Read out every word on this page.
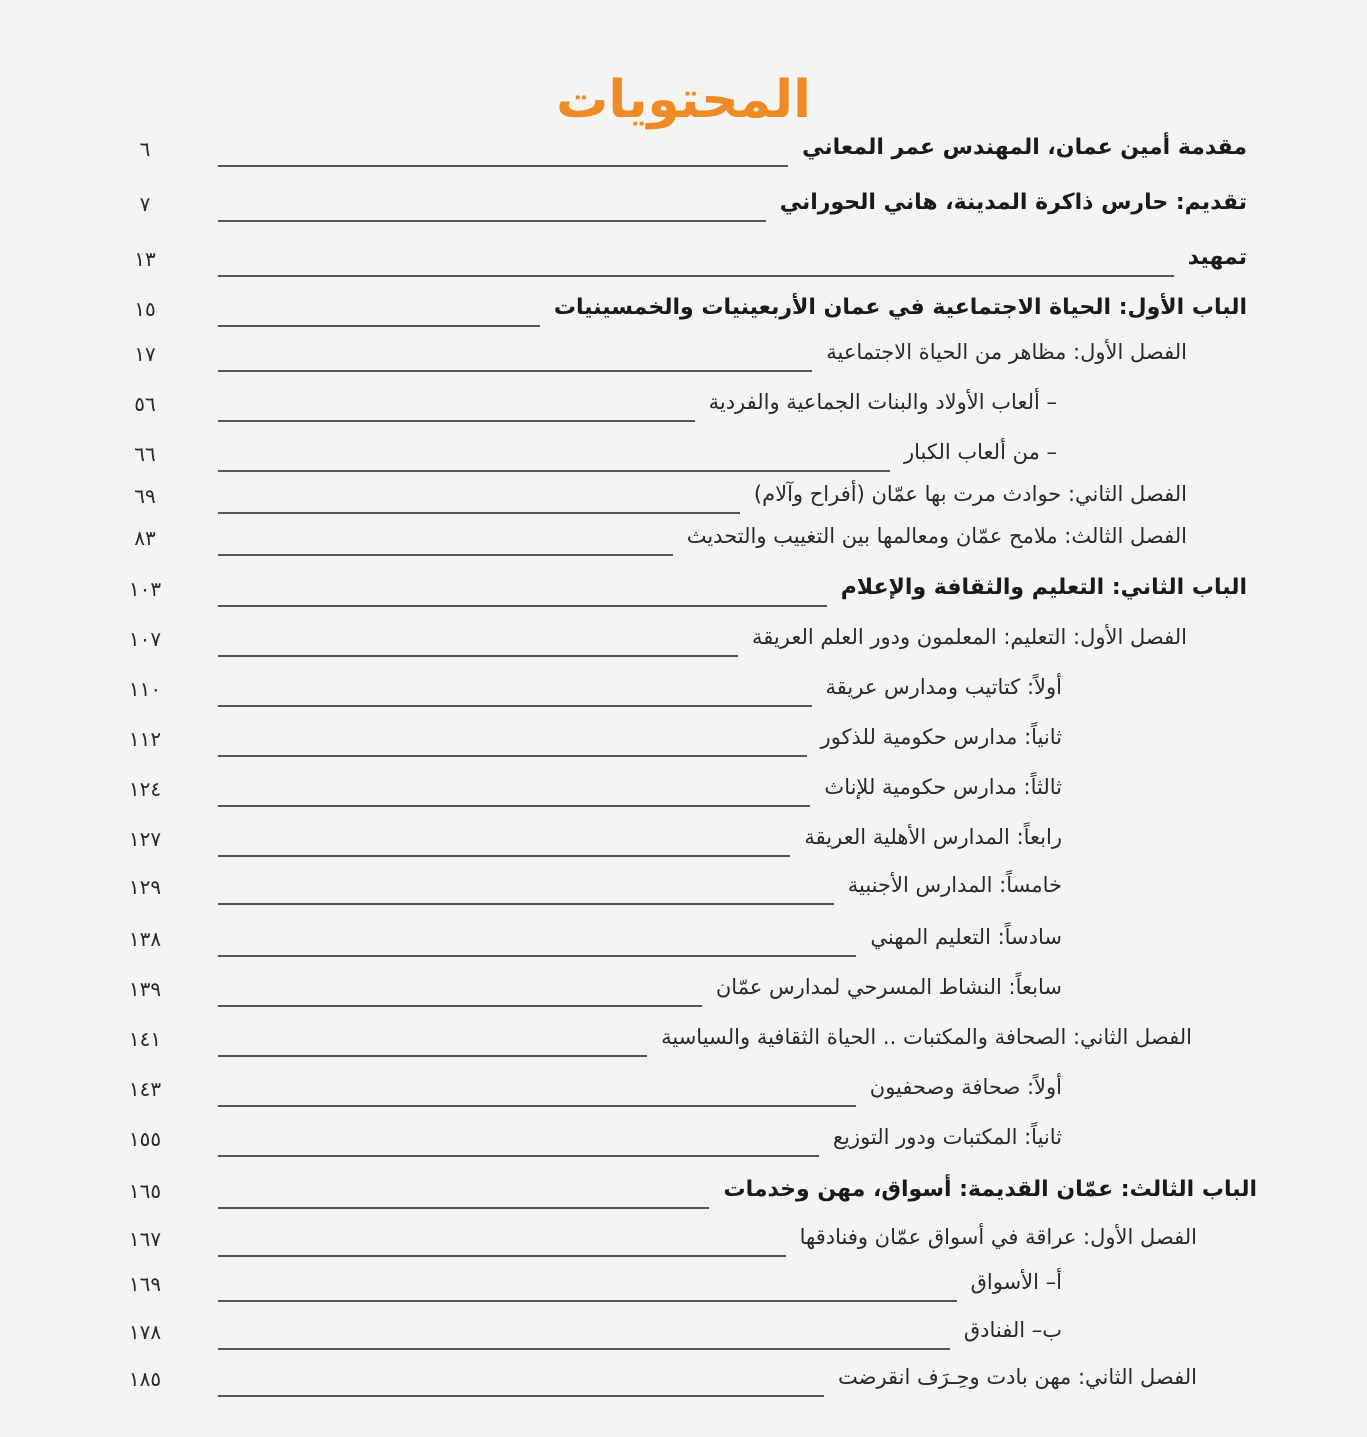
المحتويات
مقدمة أمين عمان، المهندس عمر المعاني
٦
تقديم: حارس ذاكرة المدينة، هاني الحوراني
٧
تمهيد
١٣
الباب الأول: الحياة الاجتماعية في عمان الأربعينيات والخمسينيات
١٥
الفصل الأول: مظاهر من الحياة الاجتماعية
١٧
– ألعاب الأولاد والبنات الجماعية والفردية
٥٦
– من ألعاب الكبار
٦٦
الفصل الثاني: حوادث مرت بها عمّان (أفراح وآلام)
٦٩
الفصل الثالث: ملامح عمّان ومعالمها بين التغييب والتحديث
٨٣
الباب الثاني: التعليم والثقافة والإعلام
١٠٣
الفصل الأول: التعليم: المعلمون ودور العلم العريقة
١٠٧
أولاً: كتاتيب ومدارس عريقة
١١٠
ثانياً: مدارس حكومية للذكور
١١٢
ثالثاً: مدارس حكومية للإناث
١٢٤
رابعاً: المدارس الأهلية العريقة
١٢٧
خامساً: المدارس الأجنبية
١٢٩
سادساً: التعليم المهني
١٣٨
سابعاً: النشاط المسرحي لمدارس عمّان
١٣٩
الفصل الثاني: الصحافة والمكتبات .. الحياة الثقافية والسياسية
١٤١
أولاً: صحافة وصحفيون
١٤٣
ثانياً: المكتبات ودور التوزيع
١٥٥
الباب الثالث: عمّان القديمة: أسواق، مهن وخدمات
١٦٥
الفصل الأول: عراقة في أسواق عمّان وفنادقها
١٦٧
أ– الأسواق
١٦٩
ب– الفنادق
١٧٨
الفصل الثاني: مهن بادت وحِـرَف انقرضت
١٨٥
